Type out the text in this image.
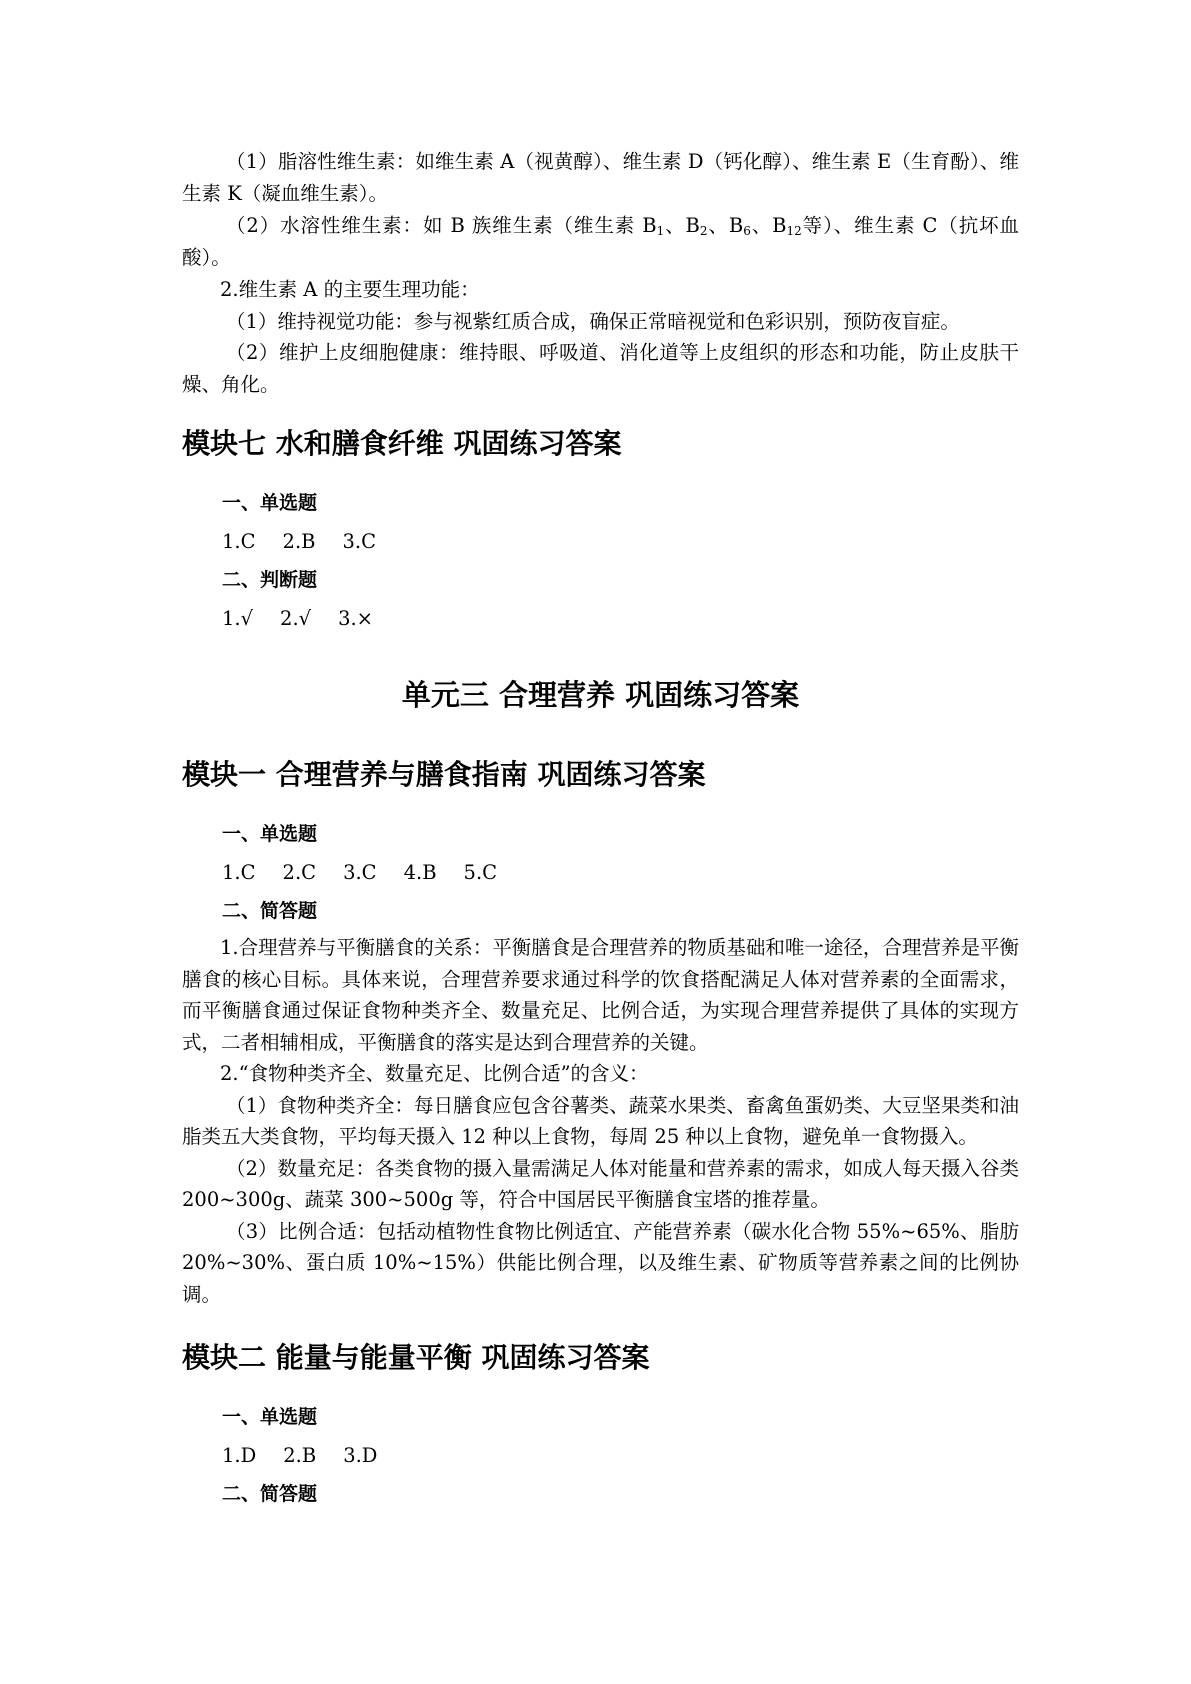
（1）脂溶性维生素：如维生素 A（视黄醇）、维生素 D（钙化醇）、维生素 E（生育酚）、维生素 K（凝血维生素）。

（2）水溶性维生素：如 B 族维生素（维生素 $B_1$、$B_2$、$B_6$、$B_{12}$等）、维生素 C（抗坏血酸）。

2.维生素 A 的主要生理功能：

（1）维持视觉功能：参与视紫红质合成，确保正常暗视觉和色彩识别，预防夜盲症。

（2）维护上皮细胞健康：维持眼、呼吸道、消化道等上皮组织的形态和功能，防止皮肤干燥、角化。

模块七 水和膳食纤维 巩固练习答案
一、单选题
1.C 2.B 3.C
二、判断题
1.√ 2.√ 3.×
单元三 合理营养 巩固练习答案
模块一 合理营养与膳食指南 巩固练习答案
一、单选题
1.C 2.C 3.C 4.B 5.C
二、简答题

1.合理营养与平衡膳食的关系：平衡膳食是合理营养的物质基础和唯一途径，合理营养是平衡膳食的核心目标。具体来说，合理营养要求通过科学的饮食搭配满足人体对营养素的全面需求，而平衡膳食通过保证食物种类齐全、数量充足、比例合适，为实现合理营养提供了具体的实现方式，二者相辅相成，平衡膳食的落实是达到合理营养的关键。

2.“食物种类齐全、数量充足、比例合适”的含义：

（1）食物种类齐全：每日膳食应包含谷薯类、蔬菜水果类、畜禽鱼蛋奶类、大豆坚果类和油脂类五大类食物，平均每天摄入 12 种以上食物，每周 25 种以上食物，避免单一食物摄入。

（2）数量充足：各类食物的摄入量需满足人体对能量和营养素的需求，如成人每天摄入谷类 200~300g、蔬菜 300~500g 等，符合中国居民平衡膳食宝塔的推荐量。

（3）比例合适：包括动植物性食物比例适宜、产能营养素（碳水化合物 55%~65%、脂肪 20%~30%、蛋白质 10%~15%）供能比例合理，以及维生素、矿物质等营养素之间的比例协调。

模块二 能量与能量平衡 巩固练习答案
一、单选题
1.D 2.B 3.D
二、简答题
